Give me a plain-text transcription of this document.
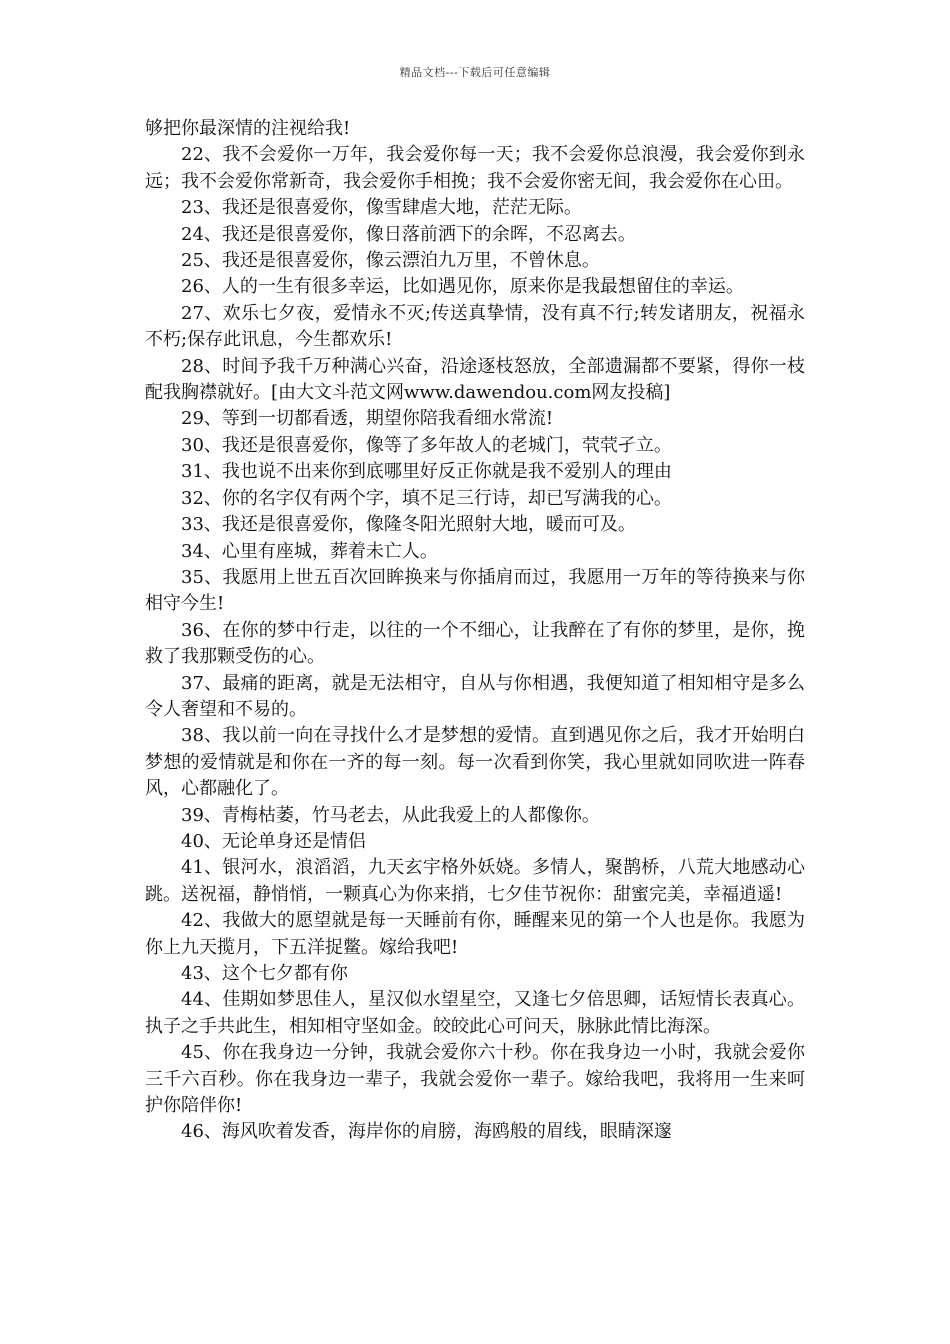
精品文档---下载后可任意编辑

够把你最深情的注视给我!

22、我不会爱你一万年，我会爱你每一天；我不会爱你总浪漫，我会爱你到永远；我不会爱你常新奇，我会爱你手相挽；我不会爱你密无间，我会爱你在心田。

23、我还是很喜爱你，像雪肆虐大地，茫茫无际。

24、我还是很喜爱你，像日落前洒下的余晖，不忍离去。

25、我还是很喜爱你，像云漂泊九万里，不曾休息。

26、人的一生有很多幸运，比如遇见你，原来你是我最想留住的幸运。

27、欢乐七夕夜，爱情永不灭;传送真挚情，没有真不行;转发诸朋友，祝福永不朽;保存此讯息，今生都欢乐!

28、时间予我千万种满心兴奋，沿途逐枝怒放，全部遗漏都不要紧，得你一枝配我胸襟就好。[由大文斗范文网www.dawendou.com网友投稿]

29、等到一切都看透，期望你陪我看细水常流!

30、我还是很喜爱你，像等了多年故人的老城门，茕茕孑立。

31、我也说不出来你到底哪里好反正你就是我不爱别人的理由

32、你的名字仅有两个字，填不足三行诗，却已写满我的心。

33、我还是很喜爱你，像隆冬阳光照射大地，暖而可及。

34、心里有座城，葬着未亡人。

35、我愿用上世五百次回眸换来与你插肩而过，我愿用一万年的等待换来与你相守今生!

36、在你的梦中行走，以往的一个不细心，让我醉在了有你的梦里，是你，挽救了我那颗受伤的心。

37、最痛的距离，就是无法相守，自从与你相遇，我便知道了相知相守是多么令人奢望和不易的。

38、我以前一向在寻找什么才是梦想的爱情。直到遇见你之后，我才开始明白梦想的爱情就是和你在一齐的每一刻。每一次看到你笑，我心里就如同吹进一阵春风，心都融化了。

39、青梅枯萎，竹马老去，从此我爱上的人都像你。

40、无论单身还是情侣

41、银河水，浪滔滔，九天玄宇格外妖娆。多情人，聚鹊桥，八荒大地感动心跳。送祝福，静悄悄，一颗真心为你来捎，七夕佳节祝你：甜蜜完美，幸福逍遥!

42、我做大的愿望就是每一天睡前有你，睡醒来见的第一个人也是你。我愿为你上九天揽月，下五洋捉鳖。嫁给我吧!

43、这个七夕都有你

44、佳期如梦思佳人，星汉似水望星空，又逢七夕倍思卿，话短情长表真心。执子之手共此生，相知相守坚如金。皎皎此心可问天，脉脉此情比海深。

45、你在我身边一分钟，我就会爱你六十秒。你在我身边一小时，我就会爱你三千六百秒。你在我身边一辈子，我就会爱你一辈子。嫁给我吧，我将用一生来呵护你陪伴你!

46、海风吹着发香，海岸你的肩膀，海鸥般的眉线，眼睛深邃
